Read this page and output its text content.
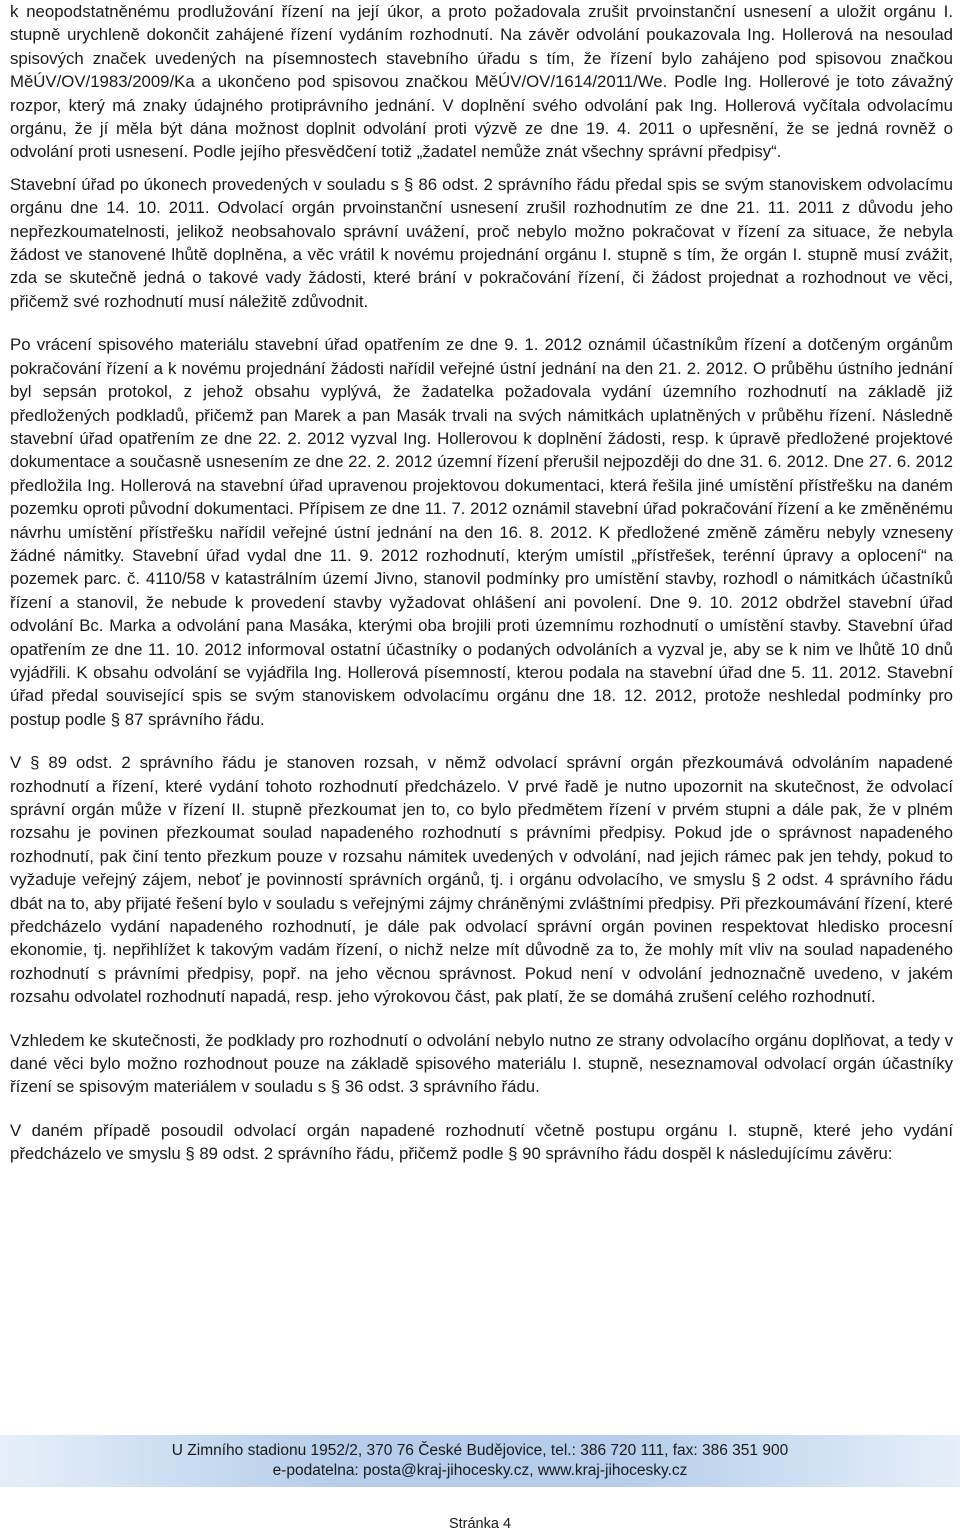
k neopodstatněnému prodlužování řízení na její úkor, a proto požadovala zrušit prvoinstanční usnesení a uložit orgánu I. stupně urychleně dokončit zahájené řízení vydáním rozhodnutí. Na závěr odvolání poukazovala Ing. Hollerová na nesoulad spisových značek uvedených na písemnostech stavebního úřadu s tím, že řízení bylo zahájeno pod spisovou značkou MěÚV/OV/1983/2009/Ka a ukončeno pod spisovou značkou MěÚV/OV/1614/2011/We. Podle Ing. Hollerové je toto závažný rozpor, který má znaky údajného protiprávního jednání. V doplnění svého odvolání pak Ing. Hollerová vyčítala odvolacímu orgánu, že jí měla být dána možnost doplnit odvolání proti výzvě ze dne 19. 4. 2011 o upřesnění, že se jedná rovněž o odvolání proti usnesení. Podle jejího přesvědčení totiž „žadatel nemůže znát všechny správní předpisy“.

Stavební úřad po úkonech provedených v souladu s § 86 odst. 2 správního řádu předal spis se svým stanoviskem odvolacímu orgánu dne 14. 10. 2011. Odvolací orgán prvoinstanční usnesení zrušil rozhodnutím ze dne 21. 11. 2011 z důvodu jeho nepřezkoumatelnosti, jelikož neobsahovalo správní uvážení, proč nebylo možno pokračovat v řízení za situace, že nebyla žádost ve stanovené lhůtě doplněna, a věc vrátil k novému projednání orgánu I. stupně s tím, že orgán I. stupně musí zvážit, zda se skutečně jedná o takové vady žádosti, které brání v pokračování řízení, či žádost projednat a rozhodnout ve věci, přičemž své rozhodnutí musí náležitě zdůvodnit.

Po vrácení spisového materiálu stavební úřad opatřením ze dne 9. 1. 2012 oznámil účastníkům řízení a dotčeným orgánům pokračování řízení a k novému projednání žádosti nařídil veřejné ústní jednání na den 21. 2. 2012. O průběhu ústního jednání byl sepsán protokol, z jehož obsahu vyplývá, že žadatelka požadovala vydání územního rozhodnutí na základě již předložených podkladů, přičemž pan Marek a pan Masák trvali na svých námitkách uplatněných v průběhu řízení. Následně stavební úřad opatřením ze dne 22. 2. 2012 vyzval Ing. Hollerovou k doplnění žádosti, resp. k úpravě předložené projektové dokumentace a současně usnesením ze dne 22. 2. 2012 územní řízení přerušil nejpozději do dne 31. 6. 2012. Dne 27. 6. 2012 předložila Ing. Hollerová na stavební úřad upravenou projektovou dokumentaci, která řešila jiné umístění přístřešku na daném pozemku oproti původní dokumentaci. Přípisem ze dne 11. 7. 2012 oznámil stavební úřad pokračování řízení a ke změněnému návrhu umístění přístřešku nařídil veřejné ústní jednání na den 16. 8. 2012. K předložené změně záměru nebyly vzneseny žádné námitky. Stavební úřad vydal dne 11. 9. 2012 rozhodnutí, kterým umístil „přístřešek, terénní úpravy a oplocení“ na pozemek parc. č. 4110/58 v katastrálním území Jivno, stanovil podmínky pro umístění stavby, rozhodl o námitkách účastníků řízení a stanovil, že nebude k provedení stavby vyžadovat ohlášení ani povolení. Dne 9. 10. 2012 obdržel stavební úřad odvolání Bc. Marka a odvolání pana Masáka, kterými oba brojili proti územnímu rozhodnutí o umístění stavby. Stavební úřad opatřením ze dne 11. 10. 2012 informoval ostatní účastníky o podaných odvoláních a vyzval je, aby se k nim ve lhůtě 10 dnů vyjádřili. K obsahu odvolání se vyjádřila Ing. Hollerová písemností, kterou podala na stavební úřad dne 5. 11. 2012. Stavební úřad předal související spis se svým stanoviskem odvolacímu orgánu dne 18. 12. 2012, protože neshledal podmínky pro postup podle § 87 správního řádu.

V § 89 odst. 2 správního řádu je stanoven rozsah, v němž odvolací správní orgán přezkoumává odvoláním napadené rozhodnutí a řízení, které vydání tohoto rozhodnutí předcházelo. V prvé řadě je nutno upozornit na skutečnost, že odvolací správní orgán může v řízení II. stupně přezkoumat jen to, co bylo předmětem řízení v prvém stupni a dále pak, že v plném rozsahu je povinen přezkoumat soulad napadeného rozhodnutí s právními předpisy. Pokud jde o správnost napadeného rozhodnutí, pak činí tento přezkum pouze v rozsahu námitek uvedených v odvolání, nad jejich rámec pak jen tehdy, pokud to vyžaduje veřejný zájem, neboť je povinností správních orgánů, tj. i orgánu odvolacího, ve smyslu § 2 odst. 4 správního řádu dbát na to, aby přijaté řešení bylo v souladu s veřejnými zájmy chráněnými zvláštními předpisy. Při přezkoumávání řízení, které předcházelo vydání napadeného rozhodnutí, je dále pak odvolací správní orgán povinen respektovat hledisko procesní ekonomie, tj. nepřihlížet k takovým vadám řízení, o nichž nelze mít důvodně za to, že mohly mít vliv na soulad napadeného rozhodnutí s právními předpisy, popř. na jeho věcnou správnost. Pokud není v odvolání jednoznačně uvedeno, v jakém rozsahu odvolatel rozhodnutí napadá, resp. jeho výrokovou část, pak platí, že se domáhá zrušení celého rozhodnutí.

Vzhledem ke skutečnosti, že podklady pro rozhodnutí o odvolání nebylo nutno ze strany odvolacího orgánu doplňovat, a tedy v dané věci bylo možno rozhodnout pouze na základě spisového materiálu I. stupně, neseznamoval odvolací orgán účastníky řízení se spisovým materiálem v souladu s § 36 odst. 3 správního řádu.

V daném případě posoudil odvolací orgán napadené rozhodnutí včetně postupu orgánu I. stupně, které jeho vydání předcházelo ve smyslu § 89 odst. 2 správního řádu, přičemž podle § 90 správního řádu dospěl k následujícímu závěru:

U Zimního stadionu 1952/2, 370 76 České Budějovice, tel.: 386 720 111, fax: 386 351 900
e-podatelna: posta@kraj-jihocesky.cz, www.kraj-jihocesky.cz
Stránka 4
